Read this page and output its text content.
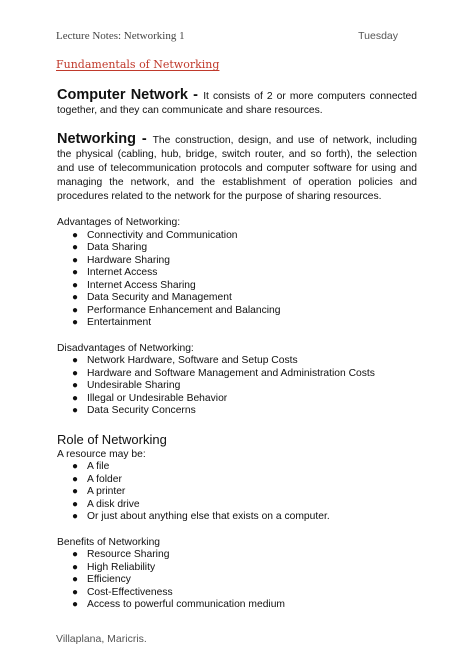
Lecture Notes: Networking 1	Tuesday
Fundamentals of Networking

Computer Network - It consists of 2 or more computers connected together, and they can communicate and share resources.

Networking - The construction, design, and use of network, including the physical (cabling, hub, bridge, switch router, and so forth), the selection and use of telecommunication protocols and computer software for using and managing the network, and the establishment of operation policies and procedures related to the network for the purpose of sharing resources.

Advantages of Networking:

● Connectivity and Communication
● Data Sharing
● Hardware Sharing
● Internet Access
● Internet Access Sharing
● Data Security and Management
● Performance Enhancement and Balancing
● Entertainment

Disadvantages of Networking:

● Network Hardware, Software and Setup Costs
● Hardware and Software Management and Administration Costs
● Undesirable Sharing
● Illegal or Undesirable Behavior
● Data Security Concerns

Role of Networking

A resource may be:

● A file
● A folder
● A printer
● A disk drive
● Or just about anything else that exists on a computer.

Benefits of Networking

● Resource Sharing
● High Reliability
● Efficiency
● Cost-Effectiveness
● Access to powerful communication medium
Villaplana, Maricris.
